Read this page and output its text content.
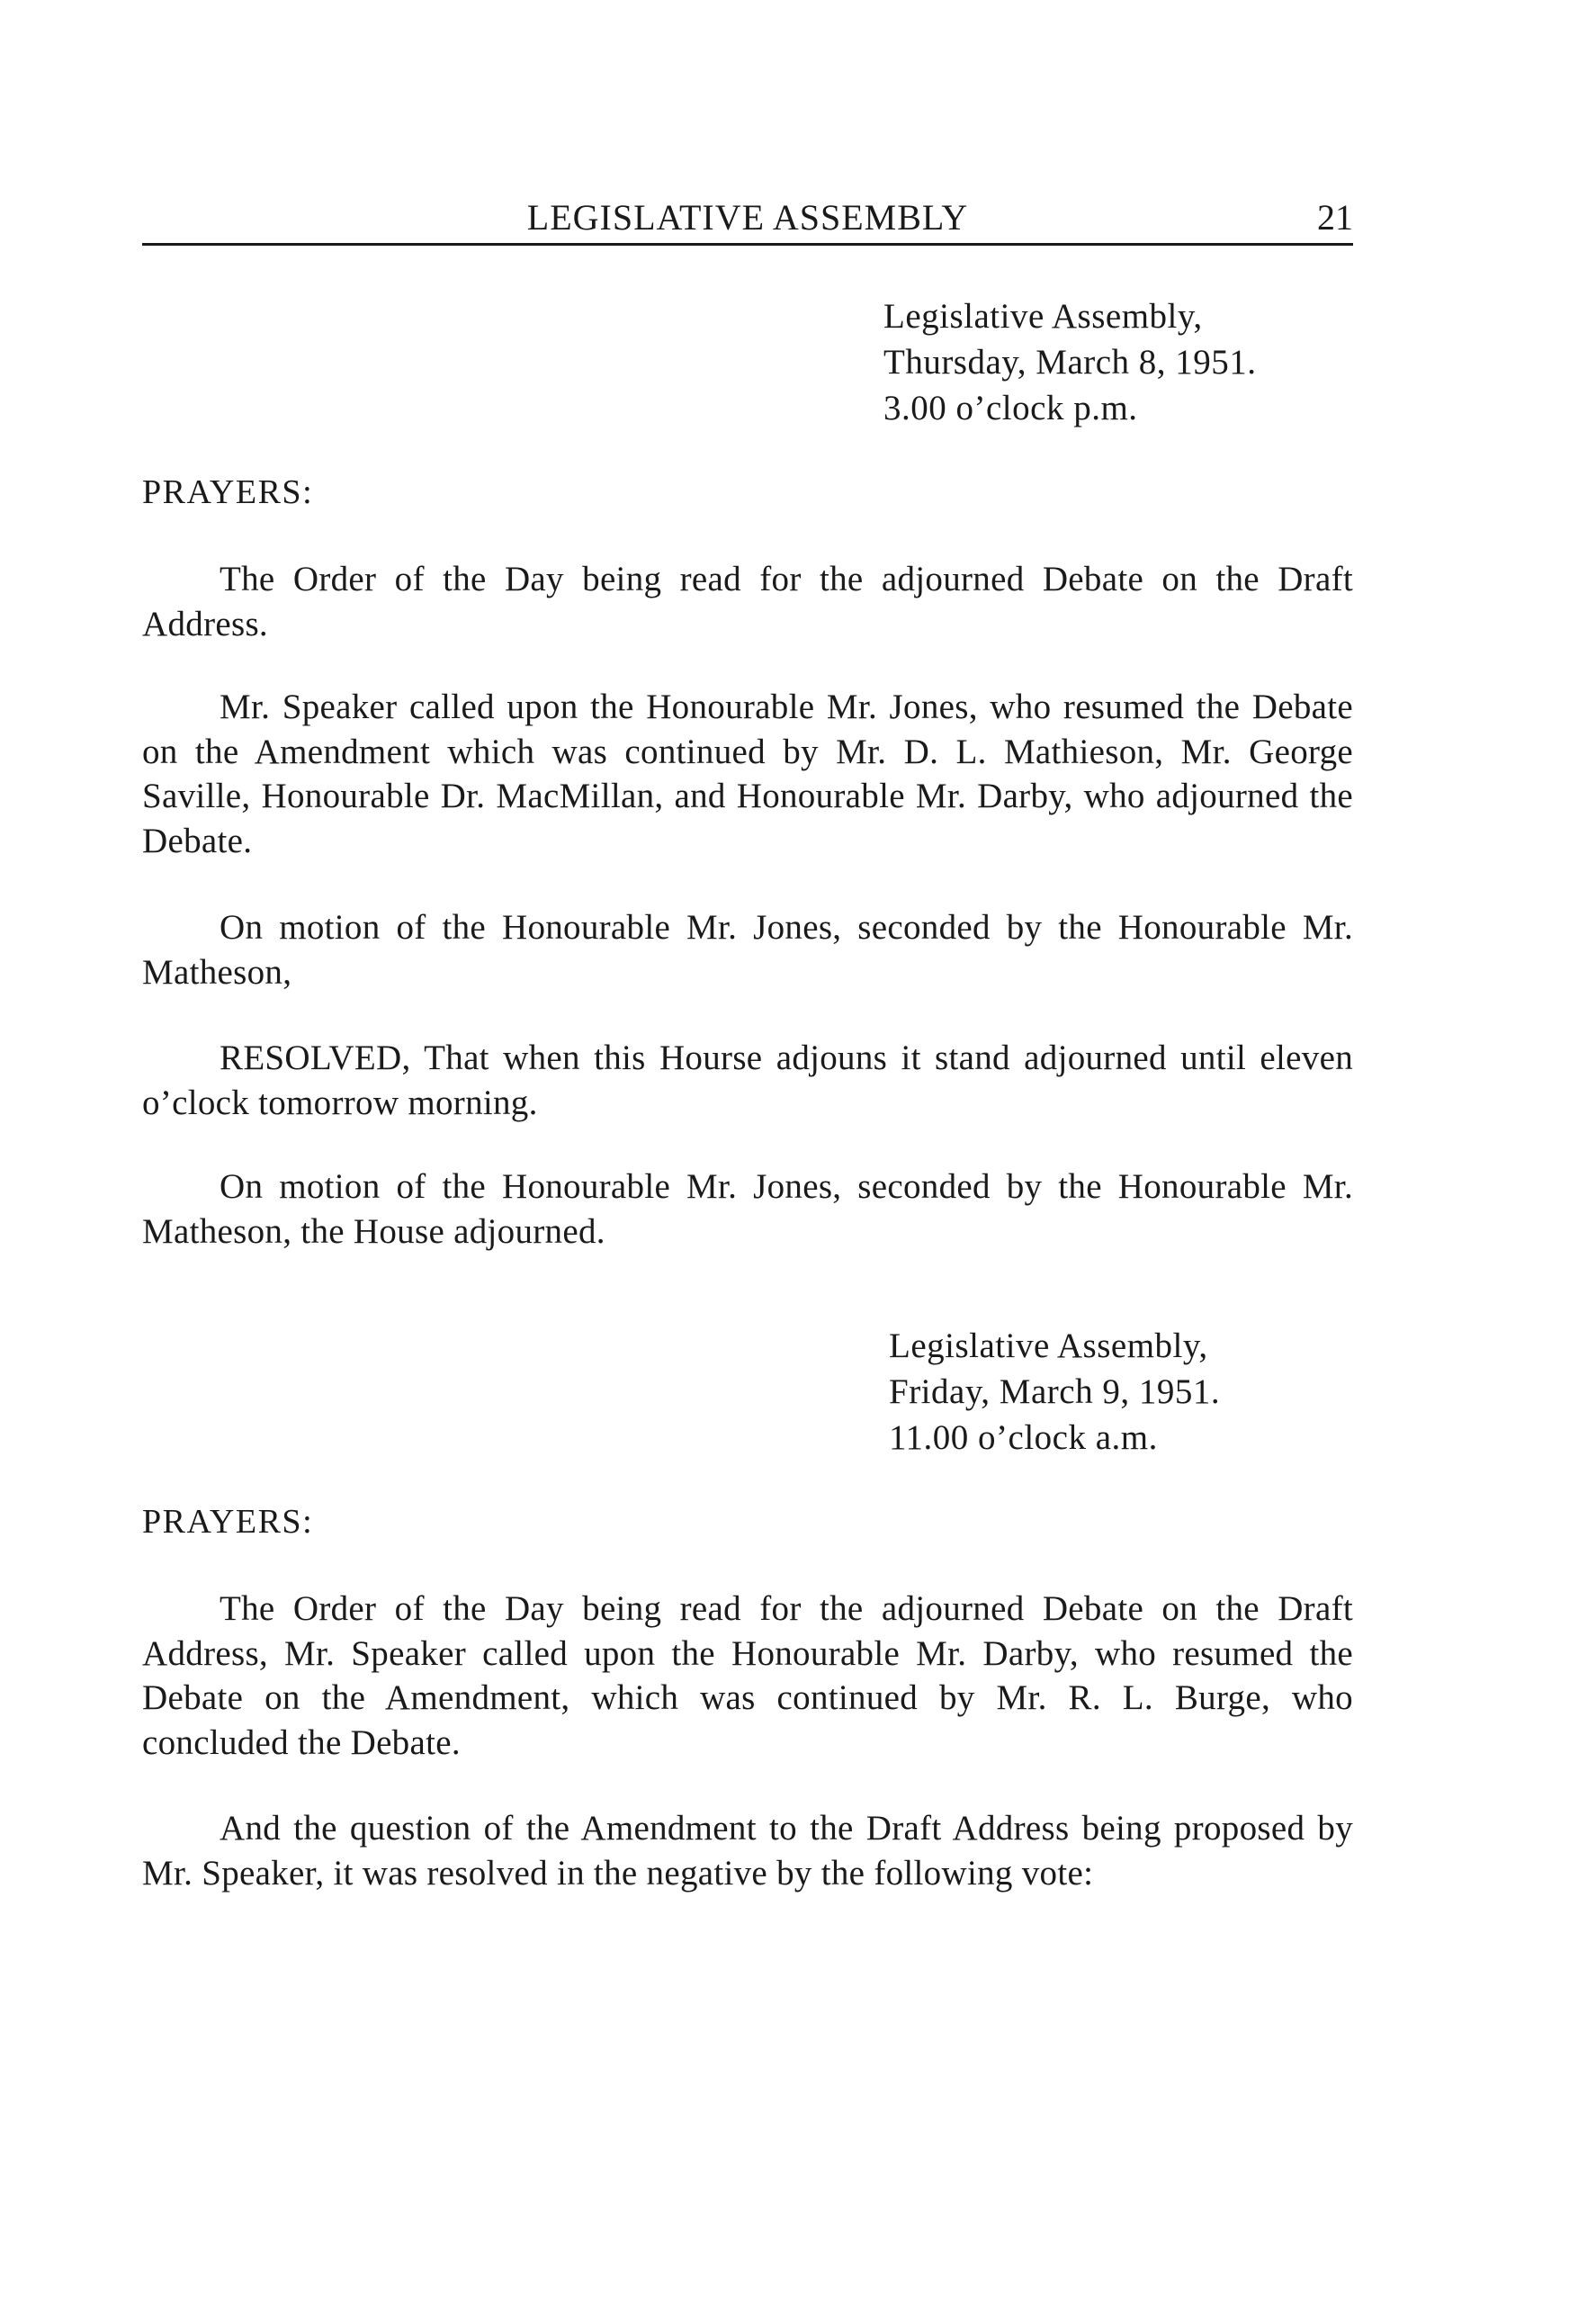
LEGISLATIVE ASSEMBLY	21
Legislative Assembly,
Thursday, March 8, 1951.
3.00 o’clock p.m.
PRAYERS:

The Order of the Day being read for the adjourned Debate on the Draft Address.

Mr. Speaker called upon the Honourable Mr. Jones, who resumed the Debate on the Amendment which was continued by Mr. D. L. Mathieson, Mr. George Saville, Honourable Dr. MacMillan, and Honourable Mr. Darby, who adjourned the Debate.

On motion of the Honourable Mr. Jones, seconded by the Honourable Mr. Matheson,

RESOLVED, That when this Hourse adjouns it stand adjourned until eleven o’clock tomorrow morning.

On motion of the Honourable Mr. Jones, seconded by the Honourable Mr. Matheson, the House adjourned.

Legislative Assembly,
Friday, March 9, 1951.
11.00 o’clock a.m.
PRAYERS:

The Order of the Day being read for the adjourned Debate on the Draft Address, Mr. Speaker called upon the Honourable Mr. Darby, who resumed the Debate on the Amendment, which was continued by Mr. R. L. Burge, who concluded the Debate.

And the question of the Amendment to the Draft Address being proposed by Mr. Speaker, it was resolved in the negative by the following vote:
